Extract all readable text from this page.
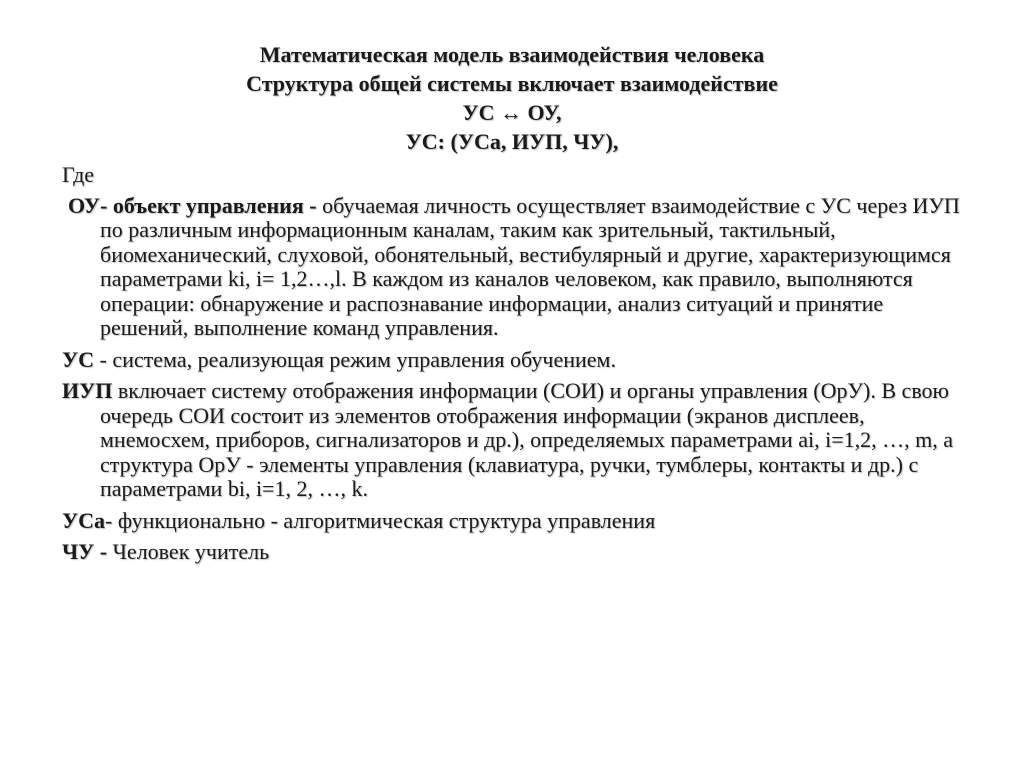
Математическая модель взаимодействия человека
Структура общей системы включает взаимодействие
УС ↔ ОУ,
УС: (УСа, ИУП, ЧУ),
Где
ОУ- объект управления - обучаемая личность осуществляет взаимодействие с УС через ИУП по различным информационным каналам, таким как зрительный, тактильный, биомеханический, слуховой, обонятельный, вестибулярный и другие, характеризующимся параметрами ki, i= 1,2…,l. В каждом из каналов человеком, как правило, выполняются операции: обнаружение и распознавание информации, анализ ситуаций и принятие решений, выполнение команд управления.
УС - система, реализующая режим управления обучением.
ИУП включает систему отображения информации (СОИ) и органы управления (ОрУ). В свою очередь СОИ состоит из элементов отображения информации (экранов дисплеев, мнемосхем, приборов, сигнализаторов и др.), определяемых параметрами ai, i=1,2, …, m, а структура ОрУ - элементы управления (клавиатура, ручки, тумблеры, контакты и др.) с параметрами bi, i=1, 2, …, k.
УСа- функционально - алгоритмическая структура управления
ЧУ - Человек учитель
